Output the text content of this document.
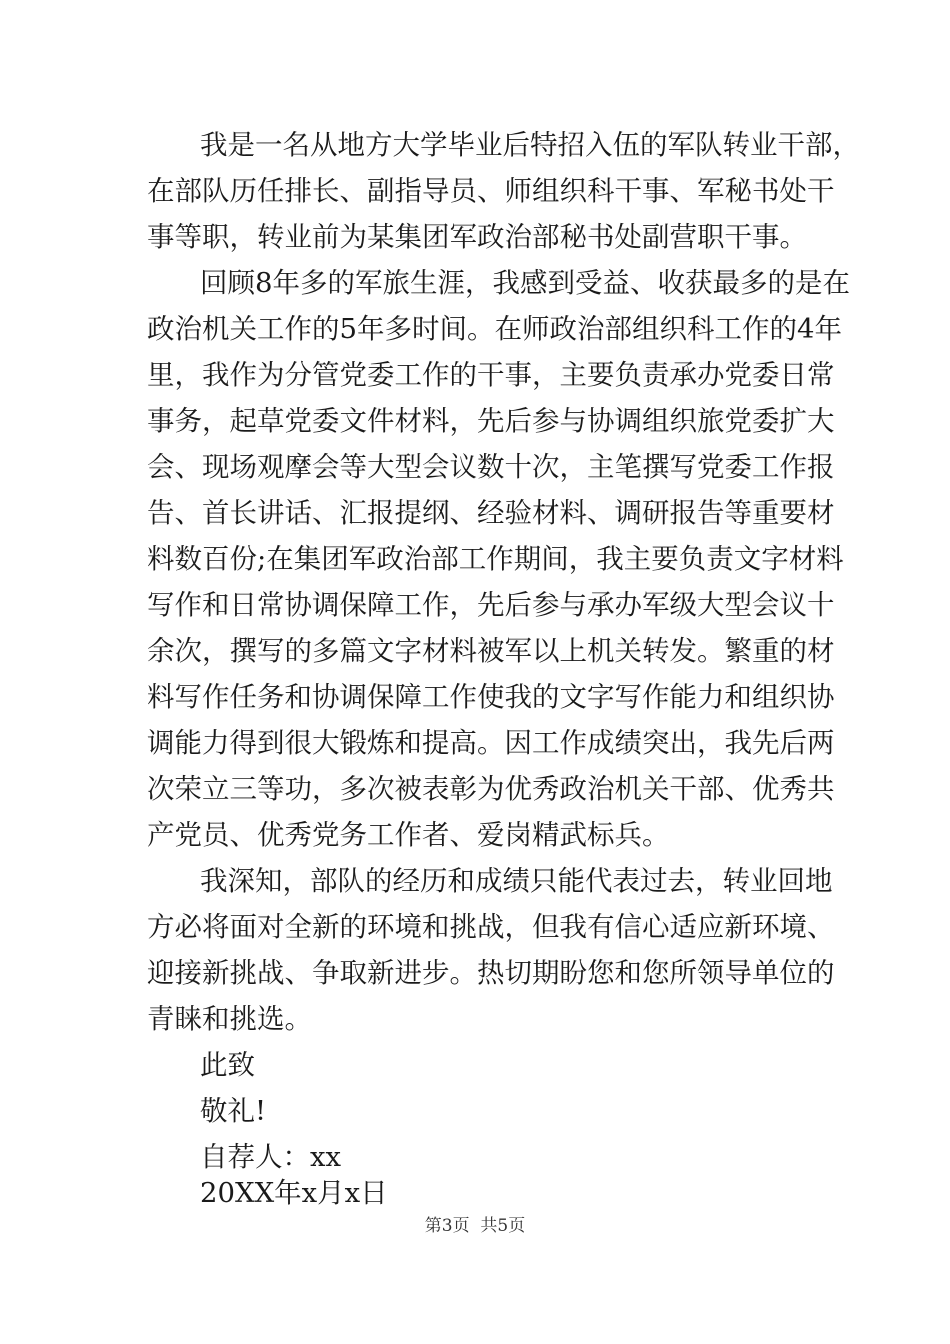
我是一名从地方大学毕业后特招入伍的军队转业干部，
在部队历任排长、副指导员、师组织科干事、军秘书处干
事等职，转业前为某集团军政治部秘书处副营职干事。
回顾8年多的军旅生涯，我感到受益、收获最多的是在
政治机关工作的5年多时间。在师政治部组织科工作的4年
里，我作为分管党委工作的干事，主要负责承办党委日常
事务，起草党委文件材料，先后参与协调组织旅党委扩大
会、现场观摩会等大型会议数十次，主笔撰写党委工作报
告、首长讲话、汇报提纲、经验材料、调研报告等重要材
料数百份;在集团军政治部工作期间，我主要负责文字材料
写作和日常协调保障工作，先后参与承办军级大型会议十
余次，撰写的多篇文字材料被军以上机关转发。繁重的材
料写作任务和协调保障工作使我的文字写作能力和组织协
调能力得到很大锻炼和提高。因工作成绩突出，我先后两
次荣立三等功，多次被表彰为优秀政治机关干部、优秀共
产党员、优秀党务工作者、爱岗精武标兵。
我深知，部队的经历和成绩只能代表过去，转业回地
方必将面对全新的环境和挑战，但我有信心适应新环境、
迎接新挑战、争取新进步。热切期盼您和您所领导单位的
青睐和挑选。
此致
敬礼!
自荐人：xx
20XX年x月x日
第3页  共5页
